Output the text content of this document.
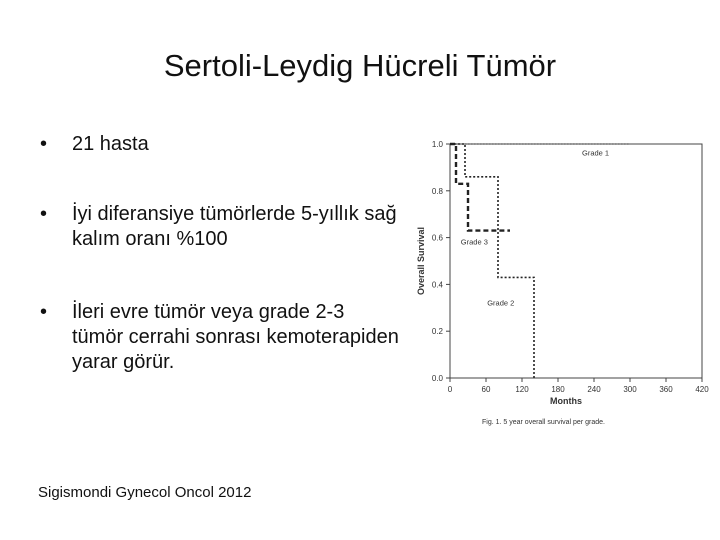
Sertoli-Leydig Hücreli Tümör
• 21 hasta
• İyi diferansiye tümörlerde 5-yıllık sağ kalım oranı %100
• İleri evre tümör veya grade 2-3 tümör cerrahi sonrası kemoterapiden yarar görür.
Sigismondi Gynecol Oncol 2012
0.0
0.2
0.4
0.6
0.8
1.0
0	60	120	180	240	300	360	420
Months
Overall Survival
Grade 1
Grade 3
Grade 2
Fig. 1. 5 year overall survival per grade.
